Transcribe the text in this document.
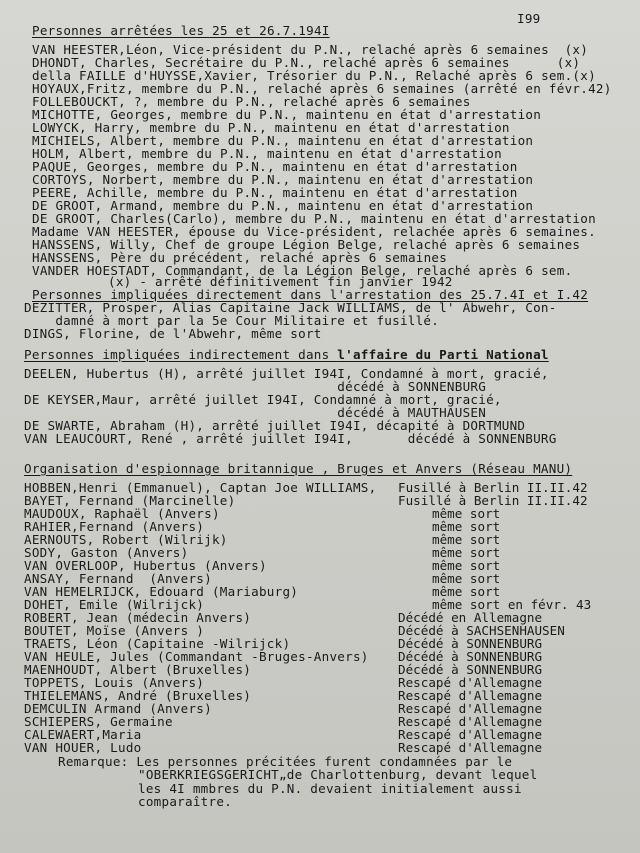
I99
Personnes arrêtées les 25 et 26.7.194I
VAN HEESTER,Léon, Vice-président du P.N., relaché après 6 semaines  (x)
DHONDT, Charles, Secrétaire du P.N., relaché après 6 semaines      (x)
della FAILLE d'HUYSSE,Xavier, Trésorier du P.N., Relaché après 6 sem.(x)
HOYAUX,Fritz, membre du P.N., relaché après 6 semaines (arrêté en févr.42)
FOLLEBOUCKT, ?, membre du P.N., relaché après 6 semaines
MICHOTTE, Georges, membre du P.N., maintenu en état d'arrestation
LOWYCK, Harry, membre du P.N., maintenu en état d'arrestation
MICHIELS, Albert, membre du P.N., maintenu en état d'arrestation
HOLM, Albert, membre du P.N., maintenu en état d'arrestation
PAQUE, Georges, membre du P.N., maintenu en état d'arrestation
CORTOYS, Norbert, membre du P.N., maintenu en état d'arrestation
PEERE, Achille, membre du P.N., maintenu en état d'arrestation
DE GROOT, Armand, membre du P.N., maintenu en état d'arrestation
DE GROOT, Charles(Carlo), membre du P.N., maintenu en état d'arrestation
Madame VAN HEESTER, épouse du Vice-président, relachée après 6 semaines.
HANSSENS, Willy, Chef de groupe Légion Belge, relaché après 6 semaines
HANSSENS, Père du précédent, relaché après 6 semaines
VANDER HOESTADT, Commandant, de la Légion Belge, relaché après 6 sem.
(x) - arrêté définitivement fin janvier 1942
Personnes impliquées directement dans l'arrestation des 25.7.4I et I.42
DEZITTER, Prosper, Alias Capitaine Jack WILLIAMS, de l' Abwehr, Con-
damné à mort par la 5e Cour Militaire et fusillé.
DINGS, Florine, de l'Abwehr, même sort
Personnes impliquées indirectement dans l'affaire du Parti National
DEELEN, Hubertus (H), arrêté juillet I94I, Condamné à mort, gracié,
décédé à SONNENBURG
DE KEYSER,Maur, arrêté juillet I94I, Condamné à mort, gracié,
décédé à MAUTHAUSEN
DE SWARTE, Abraham (H), arrêté juillet I94I, décapité à DORTMUND
VAN LEAUCOURT, René , arrêté juillet I94I,       décédé à SONNENBURG
Organisation d'espionnage britannique , Bruges et Anvers (Réseau MANU)
HOBBEN,Henri (Emmanuel), Captan Joe WILLIAMS, Fusillé à Berlin II.II.42
BAYET, Fernand (Marcinelle)	Fusillé à Berlin II.II.42
MAUDOUX, Raphaël (Anvers)	même sort
RAHIER,Fernand (Anvers)	même sort
AERNOUTS, Robert (Wilrijk)	même sort
SODY, Gaston (Anvers)	même sort
VAN OVERLOOP, Hubertus (Anvers)	même sort
ANSAY, Fernand  (Anvers)	même sort
VAN HEMELRIJCK, Edouard (Mariaburg)	même sort
DOHET, Emile (Wilrijck)	même sort en févr. 43
ROBERT, Jean (médecin Anvers)	Décédé en Allemagne
BOUTET, Moïse (Anvers )	Décédé à SACHSENHAUSEN
TRAETS, Léon (Capitaine -Wilrijck)	Décédé à SONNENBURG
VAN HEULE, Jules (Commandant -Bruges-Anvers) Décédé à SONNENBURG
MAENHOUDT, Albert (Bruxelles)	Décédé à SONNENBURG
TOPPETS, Louis (Anvers)	Rescapé d'Allemagne
THIELEMANS, André (Bruxelles)	Rescapé d'Allemagne
DEMCULIN Armand (Anvers)	Rescapé d'Allemagne
SCHIEPERS, Germaine	Rescapé d'Allemagne
CALEWAERT,Maria	Rescapé d'Allemagne
VAN HOUER, Ludo	Rescapé d'Allemagne
Remarque: Les personnes précitées furent condamnées par le
"OBERKRIEGSGERICHT„de Charlottenburg, devant lequel
les 4I mmbres du P.N. devaient initialement aussi
comparaître.
